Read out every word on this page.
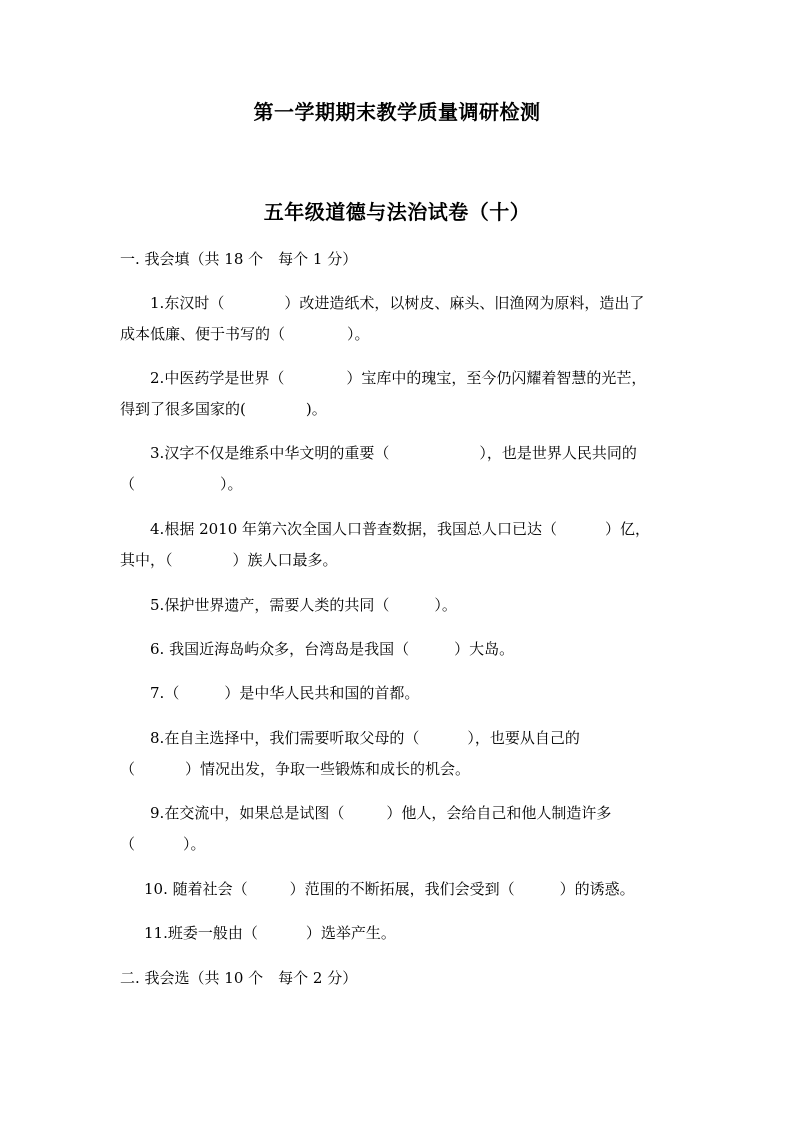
第一学期期末教学质量调研检测
五年级道德与法治试卷（十）
一. 我会填（共 18 个　每个 1 分）
1.东汉时（	）改进造纸术，以树皮、麻头、旧渔网为原料，造出了
成本低廉、便于书写的（	）。
2.中医药学是世界（	）宝库中的瑰宝，至今仍闪耀着智慧的光芒，
得到了很多国家的(	)。
3.汉字不仅是维系中华文明的重要（	），也是世界人民共同的
（	）。
4.根据 2010 年第六次全国人口普查数据，我国总人口已达（	）亿，
其中，（	）族人口最多。
5.保护世界遗产，需要人类的共同（	）。
6. 我国近海岛屿众多，台湾岛是我国（	）大岛。
7.（	）是中华人民共和国的首都。
8.在自主选择中，我们需要听取父母的（	），也要从自己的
（	）情况出发，争取一些锻炼和成长的机会。
9.在交流中，如果总是试图（	）他人，会给自己和他人制造许多
（	）。
10. 随着社会（	）范围的不断拓展，我们会受到（	）的诱惑。
11.班委一般由（	）选举产生。
二. 我会选（共 10 个　每个 2 分）
